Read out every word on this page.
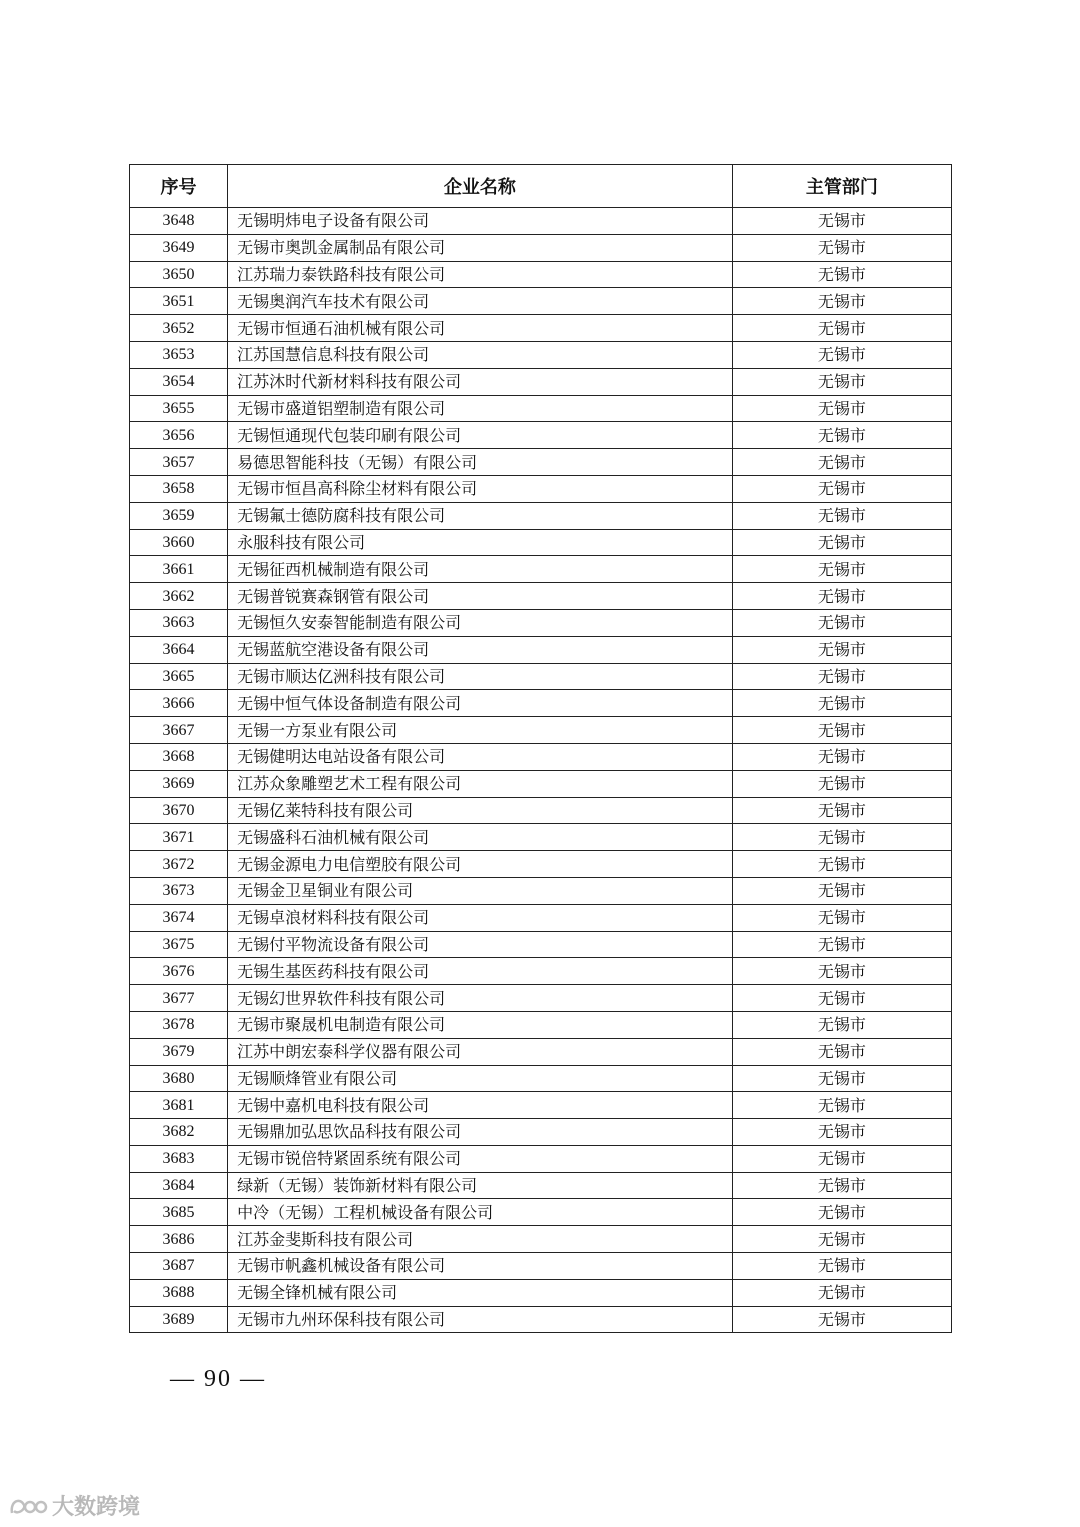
序号	企业名称	主管部门
3648	无锡明炜电子设备有限公司	无锡市
3649	无锡市奥凯金属制品有限公司	无锡市
3650	江苏瑞力泰铁路科技有限公司	无锡市
3651	无锡奥润汽车技术有限公司	无锡市
3652	无锡市恒通石油机械有限公司	无锡市
3653	江苏国慧信息科技有限公司	无锡市
3654	江苏沐时代新材料科技有限公司	无锡市
3655	无锡市盛道铝塑制造有限公司	无锡市
3656	无锡恒通现代包装印刷有限公司	无锡市
3657	易德思智能科技（无锡）有限公司	无锡市
3658	无锡市恒昌高科除尘材料有限公司	无锡市
3659	无锡氟士德防腐科技有限公司	无锡市
3660	永服科技有限公司	无锡市
3661	无锡征西机械制造有限公司	无锡市
3662	无锡普锐赛森钢管有限公司	无锡市
3663	无锡恒久安泰智能制造有限公司	无锡市
3664	无锡蓝航空港设备有限公司	无锡市
3665	无锡市顺达亿洲科技有限公司	无锡市
3666	无锡中恒气体设备制造有限公司	无锡市
3667	无锡一方泵业有限公司	无锡市
3668	无锡健明达电站设备有限公司	无锡市
3669	江苏众象雕塑艺术工程有限公司	无锡市
3670	无锡亿莱特科技有限公司	无锡市
3671	无锡盛科石油机械有限公司	无锡市
3672	无锡金源电力电信塑胶有限公司	无锡市
3673	无锡金卫星铜业有限公司	无锡市
3674	无锡卓浪材料科技有限公司	无锡市
3675	无锡付平物流设备有限公司	无锡市
3676	无锡生基医药科技有限公司	无锡市
3677	无锡幻世界软件科技有限公司	无锡市
3678	无锡市聚晟机电制造有限公司	无锡市
3679	江苏中朗宏泰科学仪器有限公司	无锡市
3680	无锡顺烽管业有限公司	无锡市
3681	无锡中嘉机电科技有限公司	无锡市
3682	无锡鼎加弘思饮品科技有限公司	无锡市
3683	无锡市锐倍特紧固系统有限公司	无锡市
3684	绿新（无锡）装饰新材料有限公司	无锡市
3685	中冷（无锡）工程机械设备有限公司	无锡市
3686	江苏金斐斯科技有限公司	无锡市
3687	无锡市帆鑫机械设备有限公司	无锡市
3688	无锡全锋机械有限公司	无锡市
3689	无锡市九州环保科技有限公司	无锡市
— 90 —
大数跨境
